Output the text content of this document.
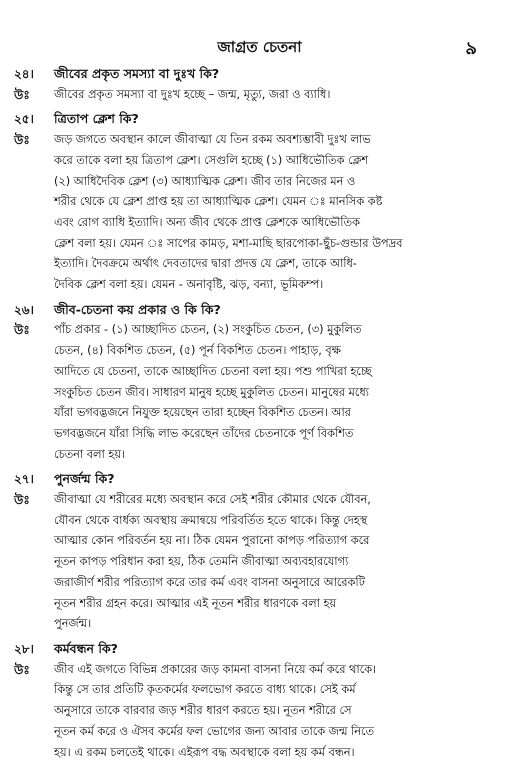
জাগ্রত চেতনা	৯
২৪।	জীবের প্রকৃত সমস্যা বা দুঃখ কি?
উঃ	জীবের প্রকৃত সমস্যা বা দুঃখ হচ্ছে – জন্ম, মৃত্যু, জরা ও ব্যাধি।
২৫।	ত্রিতাপ ক্লেশ কি?
উঃ	জড় জগতে অবস্থান কালে জীবাত্মা যে তিন রকম অবশ্যম্ভাবী দুঃখ লাভ
করে তাকে বলা হয় ত্রিতাপ ক্লেশ। সেগুলি হচ্ছে (১) আধিভৌতিক ক্লেশ
(২) আধিদৈবিক ক্লেশ (৩) আধ্যাত্মিক ক্লেশ। জীব তার নিজের মন ও
শরীর থেকে যে ক্লেশ প্রাপ্ত হয় তা আধ্যাত্মিক ক্লেশ। যেমন ঃ মানসিক কষ্ট
এবং রোগ ব্যাধি ইত্যাদি। অন্য জীব থেকে প্রাপ্ত ক্লেশকে আধিভৌতিক
ক্লেশ বলা হয়। যেমন ঃ সাপের কামড়, মশা-মাছি ছারপোকা-ছুঁচ-গুন্ডার উপদ্রব
ইত্যাদি। দৈবক্রমে অর্থাৎ দেবতাদের দ্বারা প্রদত্ত যে ক্লেশ, তাকে আধি-
দৈবিক ক্লেশ বলা হয়। যেমন - অনাবৃষ্টি, ঝড়, বন্যা, ভূমিকম্প।
২৬।	জীব-চেতনা কয় প্রকার ও কি কি?
উঃ	পাঁচ প্রকার - (১) আচ্ছাদিত চেতন, (২) সংকুচিত চেতন, (৩) মুকুলিত
চেতন, (৪) বিকশিত চেতন, (৫) পূর্ন বিকশিত চেতন। পাহাড়, বৃক্ষ
আদিতে যে চেতনা, তাকে আচ্ছাদিত চেতনা বলা হয়। পশু পাখিরা হচ্ছে
সংকুচিত চেতন জীব। সাধারণ মানুষ হচ্ছে মুকুলিত চেতন। মানুষের মধ্যে
যাঁরা ভগবদ্ভজনে নিযুক্ত হয়েছেন তারা হচ্ছেন বিকশিত চেতন। আর
ভগবদ্ভজনে যাঁরা সিদ্ধি লাভ করেছেন তাঁদের চেতনাকে পূর্ণ বিকশিত
চেতনা বলা হয়।
২৭।	পুনর্জন্ম কি?
উঃ	জীবাত্মা যে শরীরের মধ্যে অবস্থান করে সেই শরীর কৌমার থেকে যৌবন,
যৌবন থেকে বার্ধক্য অবস্থায় ক্রমান্বয়ে পরিবর্তিত হতে থাকে। কিন্তু দেহস্থ
আত্মার কোন পরিবর্তন হয় না। ঠিক যেমন পুরানো কাপড় পরিত্যাগ করে
নূতন কাপড় পরিধান করা হয়, ঠিক তেমনি জীবাত্মা অব্যবহারযোগ্য
জরাজীর্ণ শরীর পরিত্যাগ করে তার কর্ম এবং বাসনা অনুসারে আরেকটি
নূতন শরীর গ্রহন করে। আত্মার এই নূতন শরীর ধারণকে বলা হয়
পুনর্জন্ম।
২৮।	কর্মবন্ধন কি?
উঃ	জীব এই জগতে বিভিন্ন প্রকারের জড় কামনা বাসনা নিয়ে কর্ম করে থাকে।
কিন্তু সে তার প্রতিটি কৃতকর্মের ফলভোগ করতে বাধ্য থাকে। সেই কর্ম
অনুসারে তাকে বারবার জড় শরীর ধারণ করতে হয়। নূতন শরীরে সে
নূতন কর্ম করে ও ঐসব কর্মের ফল ভোগের জন্য আবার তাকে জন্ম নিতে
হয়। এ রকম চলতেই থাকে। এইরূপ বদ্ধ অবস্থাকে বলা হয় কর্ম বন্ধন।
